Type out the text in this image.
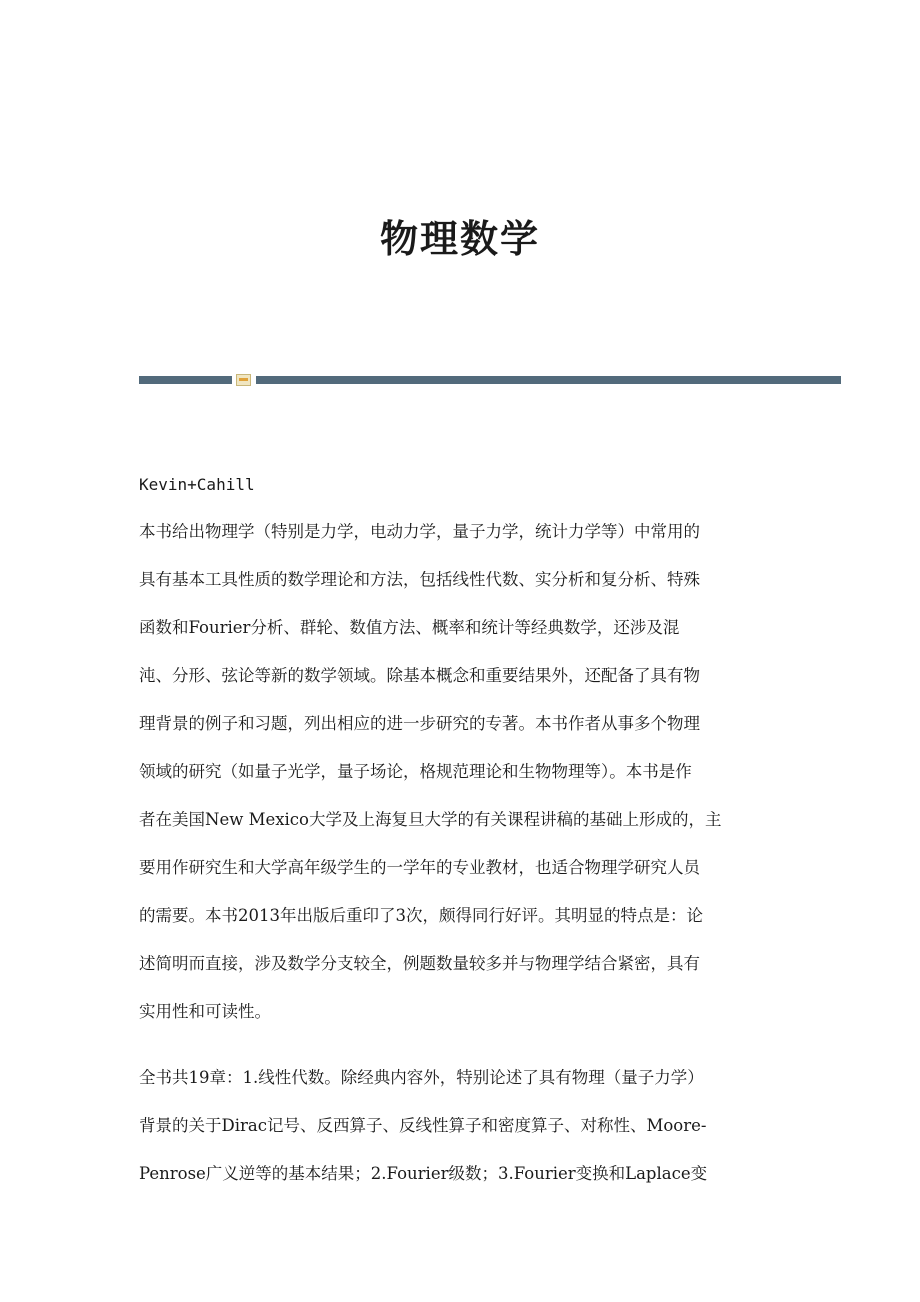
物理数学
Kevin+Cahill
本书给出物理学（特别是力学，电动力学，量子力学，统计力学等）中常用的
具有基本工具性质的数学理论和方法，包括线性代数、实分析和复分析、特殊
函数和Fourier分析、群轮、数值方法、概率和统计等经典数学，还涉及混
沌、分形、弦论等新的数学领域。除基本概念和重要结果外，还配备了具有物
理背景的例子和习题，列出相应的进一步研究的专著。本书作者从事多个物理
领域的研究（如量子光学，量子场论，格规范理论和生物物理等）。本书是作
者在美国New Mexico大学及上海复旦大学的有关课程讲稿的基础上形成的，主
要用作研究生和大学高年级学生的一学年的专业教材，也适合物理学研究人员
的需要。本书2013年出版后重印了3次，颇得同行好评。其明显的特点是：论
述简明而直接，涉及数学分支较全，例题数量较多并与物理学结合紧密，具有
实用性和可读性。
全书共19章：1.线性代数。除经典内容外，特别论述了具有物理（量子力学）
背景的关于Dirac记号、反西算子、反线性算子和密度算子、对称性、Moore-
Penrose广义逆等的基本结果；2.Fourier级数；3.Fourier变换和Laplace变
